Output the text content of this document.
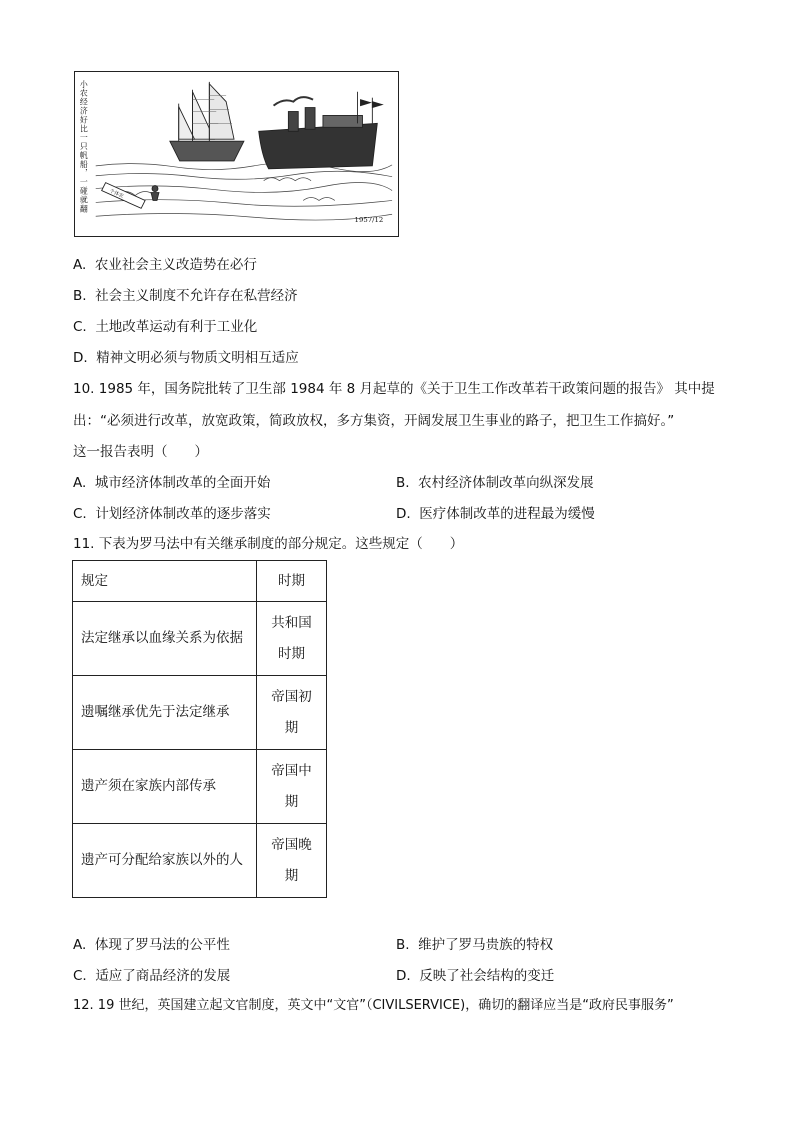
小农经济好比一只帆船，一碰就翻	个体农
1957/12
A. 农业社会主义改造势在必行
B. 社会主义制度不允许存在私营经济
C. 土地改革运动有利于工业化
D. 精神文明必须与物质文明相互适应
10. 1985 年，国务院批转了卫生部 1984 年 8 月起草的《关于卫生工作改革若干政策问题的报告》 其中提
出：“必须进行改革，放宽政策，简政放权，多方集资，开阔发展卫生事业的路子，把卫生工作搞好。”
这一报告表明（　　）
A. 城市经济体制改革的全面开始	B. 农村经济体制改革向纵深发展
C. 计划经济体制改革的逐步落实	D. 医疗体制改革的进程最为缓慢
11. 下表为罗马法中有关继承制度的部分规定。这些规定（　　）
规定	时期
法定继承以血缘关系为依据	共和国时期

遗嘱继承优先于法定继承	帝国初期

遗产须在家族内部传承	帝国中期

遗产可分配给家族以外的人	帝国晚期
A. 体现了罗马法的公平性	B. 维护了罗马贵族的特权
C. 适应了商品经济的发展	D. 反映了社会结构的变迁
12. 19 世纪，英国建立起文官制度，英文中“文官”（CIVILSERVICE)，确切的翻译应当是“政府民事服务”
